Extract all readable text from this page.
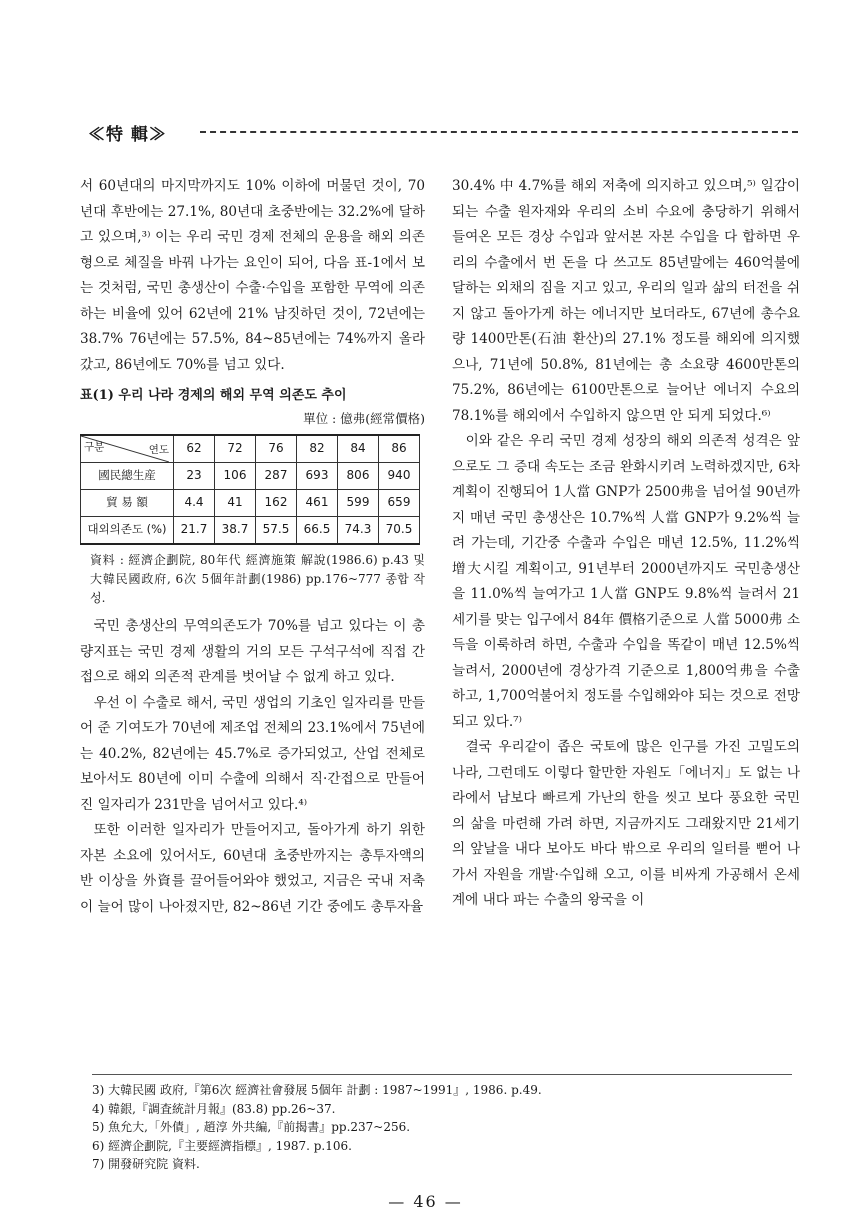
≪特 輯≫

서 60년대의 마지막까지도 10% 이하에 머물던 것이, 70년대 후반에는 27.1%, 80년대 초중반에는 32.2%에 달하고 있으며,³⁾ 이는 우리 국민 경제 전체의 운용을 해외 의존형으로 체질을 바꿔 나가는 요인이 되어, 다음 표-1에서 보는 것처럼, 국민 총생산이 수출·수입을 포함한 무역에 의존하는 비율에 있어 62년에 21% 남짓하던 것이, 72년에는 38.7% 76년에는 57.5%, 84~85년에는 74%까지 올라갔고, 86년에도 70%를 넘고 있다.

표(1) 우리 나라 경제의 해외 무역 의존도 추이
單位 : 億弗(經常價格)
연도
구분	62	72	76	82	84	86
國民總生産	23	106	287	693	806	940
貿 易 額	4.4	41	162	461	599	659
대외의존도 (%)	21.7	38.7	57.5	66.5	74.3	70.5
資料 : 經濟企劃院, 80年代 經濟施策 解說(1986.6) p.43 및 大韓民國政府, 6次 5個年計劃(1986) pp.176~777 종합 작성.

국민 총생산의 무역의존도가 70%를 넘고 있다는 이 총량지표는 국민 경제 생활의 거의 모든 구석구석에 직접 간접으로 해외 의존적 관계를 벗어날 수 없게 하고 있다.

우선 이 수출로 해서, 국민 생업의 기초인 일자리를 만들어 준 기여도가 70년에 제조업 전체의 23.1%에서 75년에는 40.2%, 82년에는 45.7%로 증가되었고, 산업 전체로 보아서도 80년에 이미 수출에 의해서 직·간접으로 만들어진 일자리가 231만을 넘어서고 있다.⁴⁾

또한 이러한 일자리가 만들어지고, 돌아가게 하기 위한 자본 소요에 있어서도, 60년대 초중반까지는 총투자액의 반 이상을 外資를 끌어들어와야 했었고, 지금은 국내 저축이 늘어 많이 나아졌지만, 82~86년 기간 중에도 총투자율

30.4% 中 4.7%를 해외 저축에 의지하고 있으며,⁵⁾ 일감이 되는 수출 원자재와 우리의 소비 수요에 충당하기 위해서 들여온 모든 경상 수입과 앞서본 자본 수입을 다 합하면 우리의 수출에서 번 돈을 다 쓰고도 85년말에는 460억불에 달하는 외채의 짐을 지고 있고, 우리의 일과 삶의 터전을 쉬지 않고 돌아가게 하는 에너지만 보더라도, 67년에 총수요량 1400만톤(石油 환산)의 27.1% 정도를 해외에 의지했으나, 71년에 50.8%, 81년에는 총 소요량 4600만톤의 75.2%, 86년에는 6100만톤으로 늘어난 에너지 수요의 78.1%를 해외에서 수입하지 않으면 안 되게 되었다.⁶⁾

이와 같은 우리 국민 경제 성장의 해외 의존적 성격은 앞으로도 그 증대 속도는 조금 완화시키려 노력하겠지만, 6차 계획이 진행되어 1人當 GNP가 2500弗을 넘어설 90년까지 매년 국민 총생산은 10.7%씩 人當 GNP가 9.2%씩 늘려 가는데, 기간중 수출과 수입은 매년 12.5%, 11.2%씩 增大시킬 계획이고, 91년부터 2000년까지도 국민총생산을 11.0%씩 늘여가고 1人當 GNP도 9.8%씩 늘려서 21세기를 맞는 입구에서 84年 價格기준으로 人當 5000弗 소득을 이룩하려 하면, 수출과 수입을 똑같이 매년 12.5%씩 늘려서, 2000년에 경상가격 기준으로 1,800억弗을 수출하고, 1,700억불어치 정도를 수입해와야 되는 것으로 전망되고 있다.⁷⁾

결국 우리같이 좁은 국토에 많은 인구를 가진 고밀도의 나라, 그런데도 이렇다 할만한 자원도「에너지」도 없는 나라에서 남보다 빠르게 가난의 한을 씻고 보다 풍요한 국민의 삶을 마련해 가려 하면, 지금까지도 그래왔지만 21세기의 앞날을 내다 보아도 바다 밖으로 우리의 일터를 뻗어 나가서 자원을 개발·수입해 오고, 이를 비싸게 가공해서 온세계에 내다 파는 수출의 왕국을 이

3) 大韓民國 政府,『第6次 經濟社會發展 5個年 計劃 : 1987~1991』, 1986. p.49.
4) 韓銀,『調査統計月報』(83.8) pp.26~37.
5) 魚允大,「外債」, 趙淳 外共編,『前揭書』pp.237~256.
6) 經濟企劃院,『主要經濟指標』, 1987. p.106.
7) 開發研究院 資料.
— 46 —
